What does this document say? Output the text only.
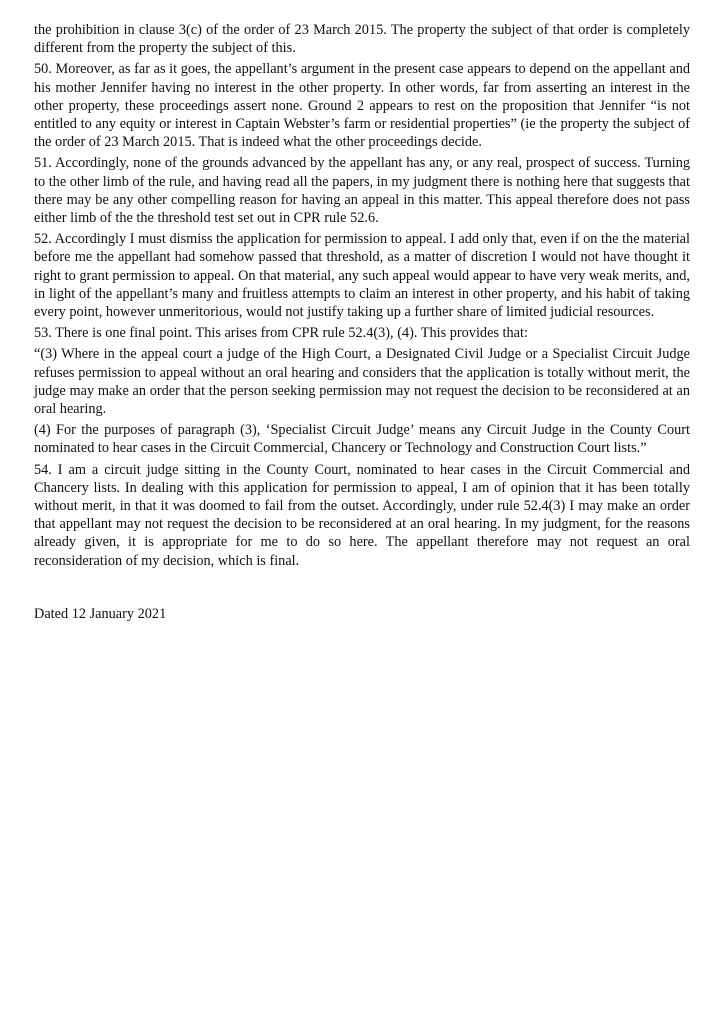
the prohibition in clause 3(c) of the order of 23 March 2015. The property the subject of that order is completely different from the property the subject of this.

50. Moreover, as far as it goes, the appellant’s argument in the present case appears to depend on the appellant and his mother Jennifer having no interest in the other property. In other words, far from asserting an interest in the other property, these proceedings assert none. Ground 2 appears to rest on the proposition that Jennifer “is not entitled to any equity or interest in Captain Webster’s farm or residential properties” (ie the property the subject of the order of 23 March 2015. That is indeed what the other proceedings decide.

51. Accordingly, none of the grounds advanced by the appellant has any, or any real, prospect of success. Turning to the other limb of the rule, and having read all the papers, in my judgment there is nothing here that suggests that there may be any other compelling reason for having an appeal in this matter. This appeal therefore does not pass either limb of the the threshold test set out in CPR rule 52.6.

52. Accordingly I must dismiss the application for permission to appeal. I add only that, even if on the the material before me the appellant had somehow passed that threshold, as a matter of discretion I would not have thought it right to grant permission to appeal. On that material, any such appeal would appear to have very weak merits, and, in light of the appellant’s many and fruitless attempts to claim an interest in other property, and his habit of taking every point, however unmeritorious, would not justify taking up a further share of limited judicial resources.

53. There is one final point. This arises from CPR rule 52.4(3), (4). This provides that:

“(3) Where in the appeal court a judge of the High Court, a Designated Civil Judge or a Specialist Circuit Judge refuses permission to appeal without an oral hearing and considers that the application is totally without merit, the judge may make an order that the person seeking permission may not request the decision to be reconsidered at an oral hearing.

(4) For the purposes of paragraph (3), ‘Specialist Circuit Judge’ means any Circuit Judge in the County Court nominated to hear cases in the Circuit Commercial, Chancery or Technology and Construction Court lists.”

54. I am a circuit judge sitting in the County Court, nominated to hear cases in the Circuit Commercial and Chancery lists. In dealing with this application for permission to appeal, I am of opinion that it has been totally without merit, in that it was doomed to fail from the outset. Accordingly, under rule 52.4(3) I may make an order that appellant may not request the decision to be reconsidered at an oral hearing. In my judgment, for the reasons already given, it is appropriate for me to do so here. The appellant therefore may not request an oral reconsideration of my decision, which is final.

Dated 12 January 2021
